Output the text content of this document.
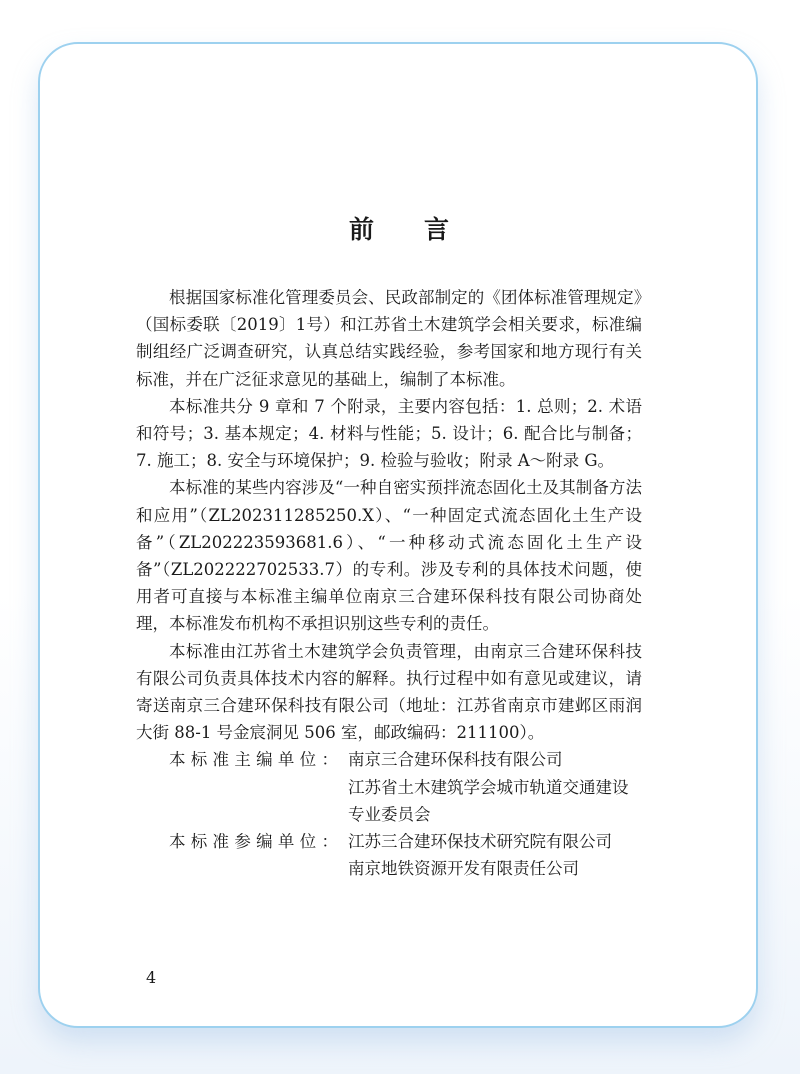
前 言

根据国家标准化管理委员会、民政部制定的《团体标准管理规定》（国标委联〔2019〕1号）和江苏省土木建筑学会相关要求，标准编制组经广泛调查研究，认真总结实践经验，参考国家和地方现行有关标准，并在广泛征求意见的基础上，编制了本标准。

本标准共分 9 章和 7 个附录，主要内容包括：1. 总则；2. 术语和符号；3. 基本规定；4. 材料与性能；5. 设计；6. 配合比与制备；7. 施工；8. 安全与环境保护；9. 检验与验收；附录 A～附录 G。

本标准的某些内容涉及“一种自密实预拌流态固化土及其制备方法和应用”（ZL202311285250.X）、“一种固定式流态固化土生产设备”（ZL202223593681.6）、“一种移动式流态固化土生产设备”（ZL202222702533.7）的专利。涉及专利的具体技术问题，使用者可直接与本标准主编单位南京三合建环保科技有限公司协商处理，本标准发布机构不承担识别这些专利的责任。

本标准由江苏省土木建筑学会负责管理，由南京三合建环保科技有限公司负责具体技术内容的解释。执行过程中如有意见或建议，请寄送南京三合建环保科技有限公司（地址：江苏省南京市建邺区雨润大街 88-1 号金宸洞见 506 室，邮政编码：211100）。

本标准主编单位： 南京三合建环保科技有限公司
江苏省土木建筑学会城市轨道交通建设专业委员会
本标准参编单位： 江苏三合建环保技术研究院有限公司
南京地铁资源开发有限责任公司
4
